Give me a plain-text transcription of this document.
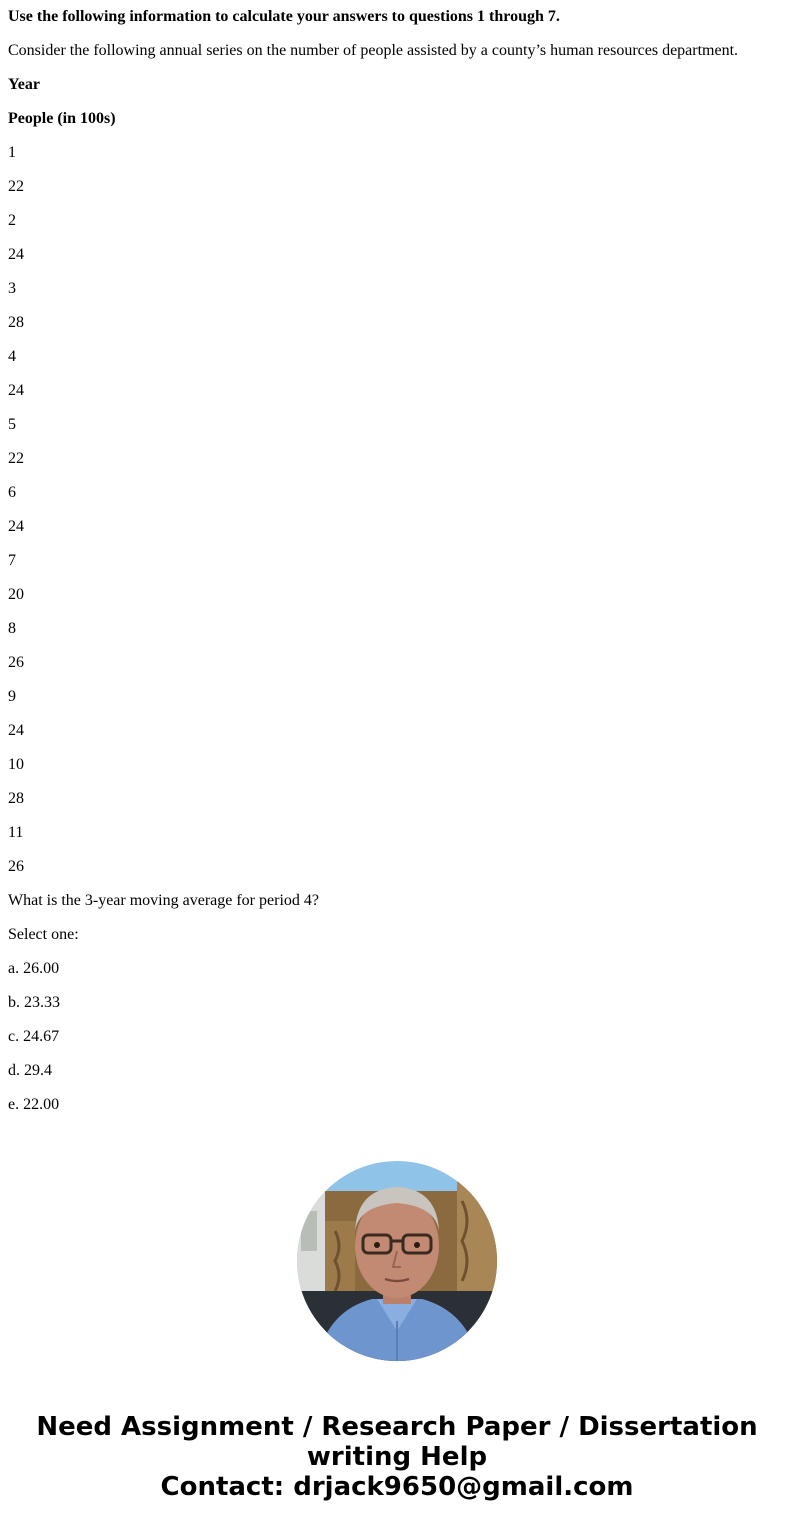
Use the following information to calculate your answers to questions 1 through 7.

Consider the following annual series on the number of people assisted by a county’s human resources department.

Year

People (in 100s)

1

22

2

24

3

28

4

24

5

22

6

24

7

20

8

26

9

24

10

28

11

26

What is the 3-year moving average for period 4?

Select one:

a. 26.00

b. 23.33

c. 24.67

d. 29.4

e. 22.00

Need Assignment / Research Paper / Dissertation
writing Help
Contact: drjack9650@gmail.com
